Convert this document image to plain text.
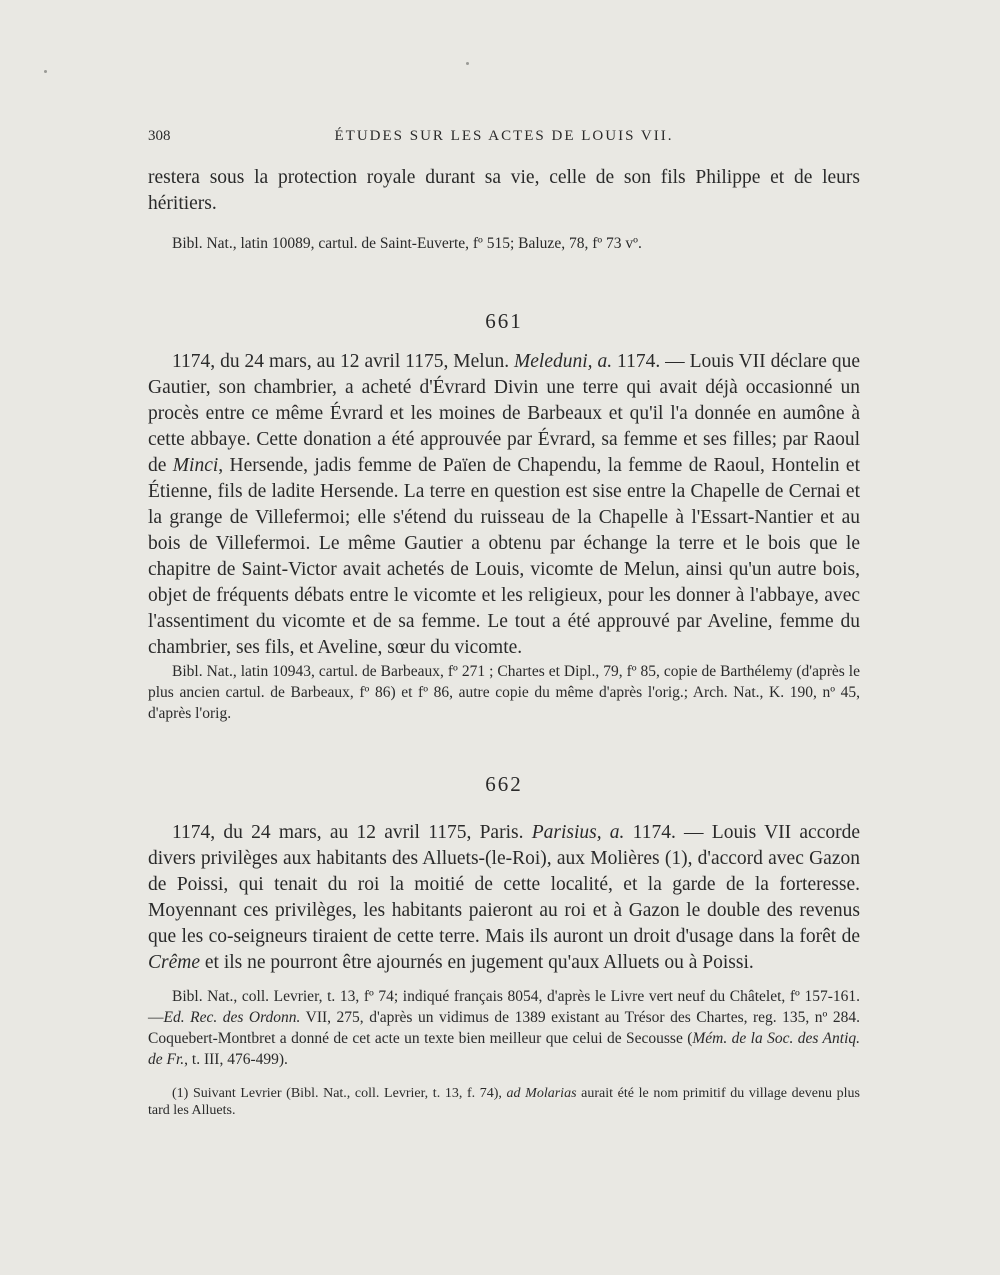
308	ÉTUDES SUR LES ACTES DE LOUIS VII.

restera sous la protection royale durant sa vie, celle de son fils Philippe et de leurs héritiers.

Bibl. Nat., latin 10089, cartul. de Saint-Euverte, fº 515; Baluze, 78, fº 73 vº.

661

1174, du 24 mars, au 12 avril 1175, Melun. Meleduni, a. 1174. — Louis VII déclare que Gautier, son chambrier, a acheté d'Évrard Divin une terre qui avait déjà occasionné un procès entre ce même Évrard et les moines de Barbeaux et qu'il l'a donnée en aumône à cette abbaye. Cette donation a été approuvée par Évrard, sa femme et ses filles; par Raoul de Minci, Hersende, jadis femme de Païen de Chapendu, la femme de Raoul, Hontelin et Étienne, fils de ladite Hersende. La terre en question est sise entre la Chapelle de Cernai et la grange de Villefermoi; elle s'étend du ruisseau de la Chapelle à l'Essart-Nantier et au bois de Villefermoi. Le même Gautier a obtenu par échange la terre et le bois que le chapitre de Saint-Victor avait achetés de Louis, vicomte de Melun, ainsi qu'un autre bois, objet de fréquents débats entre le vicomte et les religieux, pour les donner à l'abbaye, avec l'assentiment du vicomte et de sa femme. Le tout a été approuvé par Aveline, femme du chambrier, ses fils, et Aveline, sœur du vicomte.

Bibl. Nat., latin 10943, cartul. de Barbeaux, fº 271 ; Chartes et Dipl., 79, fº 85, copie de Barthélemy (d'après le plus ancien cartul. de Barbeaux, fº 86) et fº 86, autre copie du même d'après l'orig.; Arch. Nat., K. 190, nº 45, d'après l'orig.

662

1174, du 24 mars, au 12 avril 1175, Paris. Parisius, a. 1174. — Louis VII accorde divers privilèges aux habitants des Alluets-(le-Roi), aux Molières (1), d'accord avec Gazon de Poissi, qui tenait du roi la moitié de cette localité, et la garde de la forteresse. Moyennant ces privilèges, les habitants paieront au roi et à Gazon le double des revenus que les co-seigneurs tiraient de cette terre. Mais ils auront un droit d'usage dans la forêt de Crême et ils ne pourront être ajournés en jugement qu'aux Alluets ou à Poissi.

Bibl. Nat., coll. Levrier, t. 13, fº 74; indiqué français 8054, d'après le Livre vert neuf du Châtelet, fº 157-161. —Ed. Rec. des Ordonn. VII, 275, d'après un vidimus de 1389 existant au Trésor des Chartes, reg. 135, nº 284. Coquebert-Montbret a donné de cet acte un texte bien meilleur que celui de Secousse (Mém. de la Soc. des Antiq. de Fr., t. III, 476-499).

(1) Suivant Levrier (Bibl. Nat., coll. Levrier, t. 13, f. 74), ad Molarias aurait été le nom primitif du village devenu plus tard les Alluets.
